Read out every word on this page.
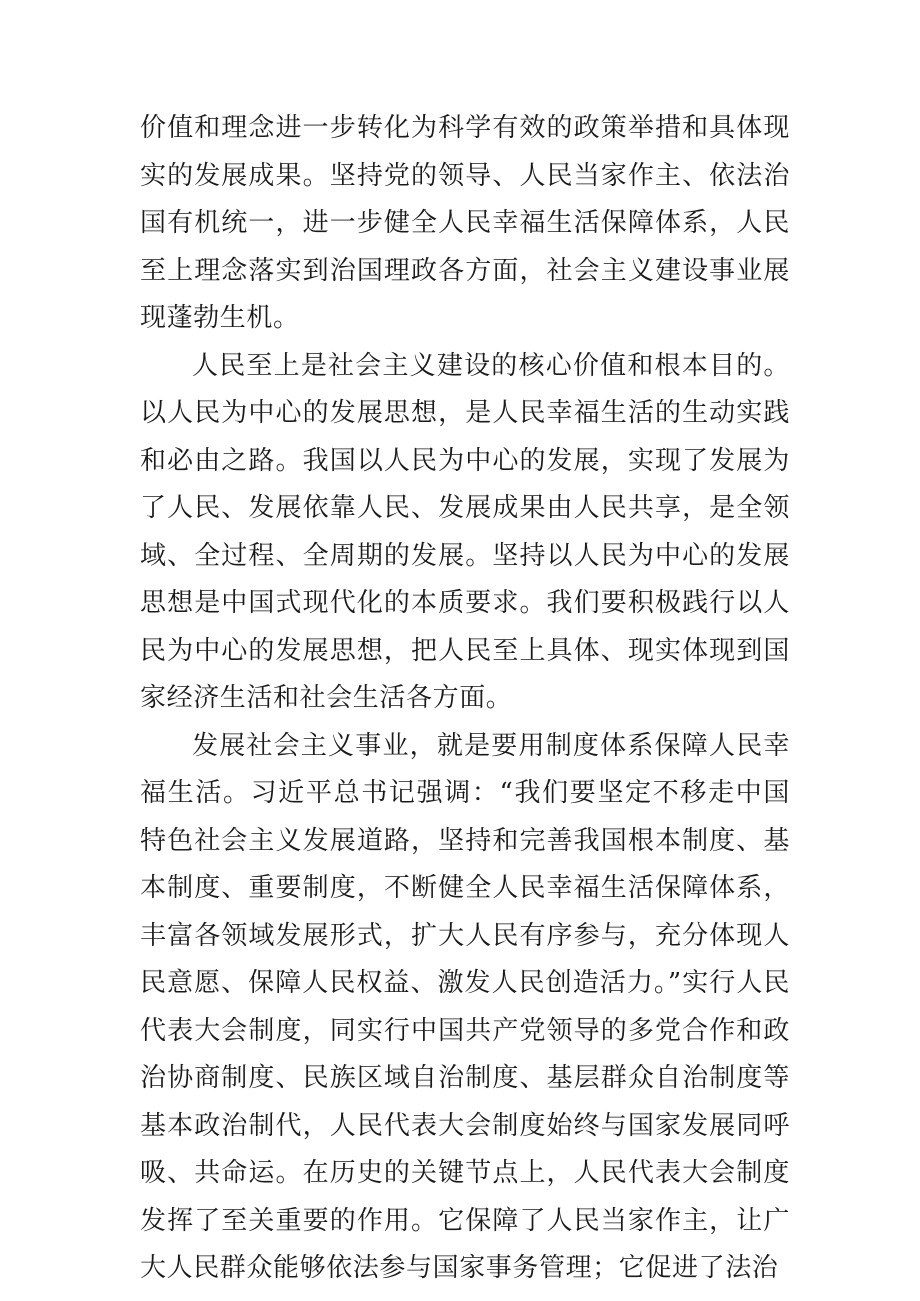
价值和理念进一步转化为科学有效的政策举措和具体现实的发展成果。坚持党的领导、人民当家作主、依法治国有机统一，进一步健全人民幸福生活保障体系，人民至上理念落实到治国理政各方面，社会主义建设事业展现蓬勃生机。

人民至上是社会主义建设的核心价值和根本目的。以人民为中心的发展思想，是人民幸福生活的生动实践和必由之路。我国以人民为中心的发展，实现了发展为了人民、发展依靠人民、发展成果由人民共享，是全领域、全过程、全周期的发展。坚持以人民为中心的发展思想是中国式现代化的本质要求。我们要积极践行以人民为中心的发展思想，把人民至上具体、现实体现到国家经济生活和社会生活各方面。

发展社会主义事业，就是要用制度体系保障人民幸福生活。习近平总书记强调：“我们要坚定不移走中国特色社会主义发展道路，坚持和完善我国根本制度、基本制度、重要制度，不断健全人民幸福生活保障体系，丰富各领域发展形式，扩大人民有序参与，充分体现人民意愿、保障人民权益、激发人民创造活力。”实行人民代表大会制度，同实行中国共产党领导的多党合作和政治协商制度、民族区域自治制度、基层群众自治制度等基本政治制代，人民代表大会制度始终与国家发展同呼吸、共命运。在历史的关键节点上，人民代表大会制度发挥了至关重要的作用。它保障了人民当家作主，让广大人民群众能够依法参与国家事务管理；它促进了法治
